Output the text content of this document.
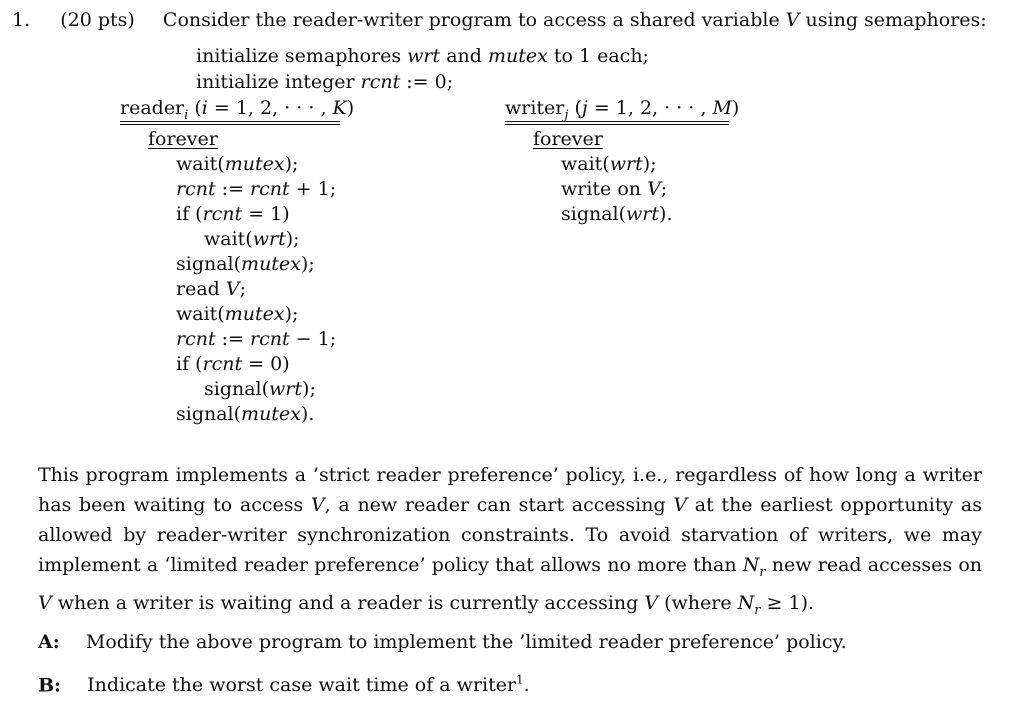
1. (20 pts) Consider the reader-writer program to access a shared variable V using semaphores:
initialize semaphores wrt and mutex to 1 each;
initialize integer rcnt := 0;
reader$_i$ (i = 1, 2, · · · , K)	writer$_j$ (j = 1, 2, · · · , M)
forever
wait(mutex);
rcnt := rcnt + 1;
if (rcnt = 1)
wait(wrt);
signal(mutex);
read V;
wait(mutex);
rcnt := rcnt − 1;
if (rcnt = 0)
signal(wrt);
signal(mutex).
forever
wait(wrt);
write on V;
signal(wrt).
This program implements a ’strict reader preference’ policy, i.e., regardless of how long a writer has been waiting to access V, a new reader can start accessing V at the earliest opportunity as allowed by reader-writer synchronization constraints. To avoid starvation of writers, we may implement a ‘limited reader preference’ policy that allows no more than $N_r$ new read accesses on V when a writer is waiting and a reader is currently accessing V (where $N_r \ge 1$).
A: Modify the above program to implement the ’limited reader preference’ policy.
B: Indicate the worst case wait time of a writer$^1$.
